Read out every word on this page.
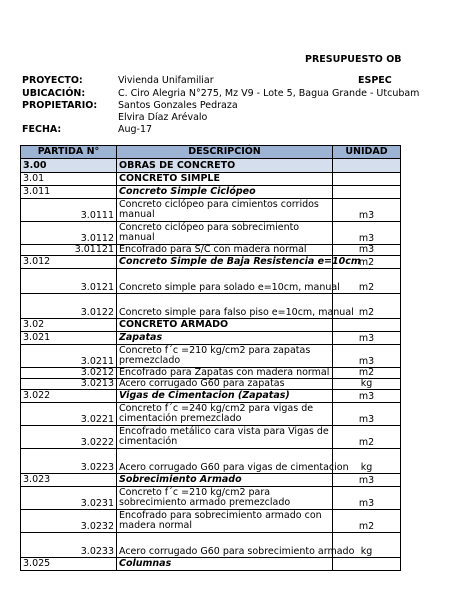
PRESUPUESTO OB
PROYECTO:	Vivienda Unifamiliar	ESPEC
UBICACIÓN:	C. Ciro Alegria N°275, Mz V9 - Lote 5, Bagua Grande - Utcubam
PROPIETARIO: Santos Gonzales Pedraza
Elvira Díaz Arévalo
FECHA:	Aug-17
PARTIDA N°	DESCRIPCIÓN	UNIDAD
3.00	OBRAS DE CONCRETO	
3.01	CONCRETO SIMPLE	
3.011	Concreto Simple Ciclópeo	
3.0111	Concreto ciclópeo para cimientos corridos manual	m3
3.0112	Concreto ciclópeo para sobrecimiento manual	m3
3.01121	Encofrado para S/C con madera normal	m3
3.012	Concreto Simple de Baja Resistencia e=10cm	m2
3.0121	Concreto simple para solado e=10cm, manual	m2
3.0122	Concreto simple para falso piso e=10cm, manual	m2
3.02	CONCRETO ARMADO	
3.021	Zapatas	m3
3.0211	Concreto f´c =210 kg/cm2 para zapatas premezclado	m3
3.0212	Encofrado para Zapatas con madera normal	m2
3.0213	Acero corrugado G60 para zapatas	kg
3.022	Vigas de Cimentacion (Zapatas)	m3
3.0221	Concreto f´c =240 kg/cm2 para vigas de cimentación premezclado	m3
3.0222	Encofrado metálico cara vista para Vigas de cimentación	m2
3.0223	Acero corrugado G60 para vigas de cimentacion	kg
3.023	Sobrecimiento Armado	m3
3.0231	Concreto f´c =210 kg/cm2 para sobrecimiento armado premezclado	m3
3.0232	Encofrado para sobrecimiento armado con madera normal	m2
3.0233	Acero corrugado G60 para sobrecimiento armado	kg
3.025	Columnas	
